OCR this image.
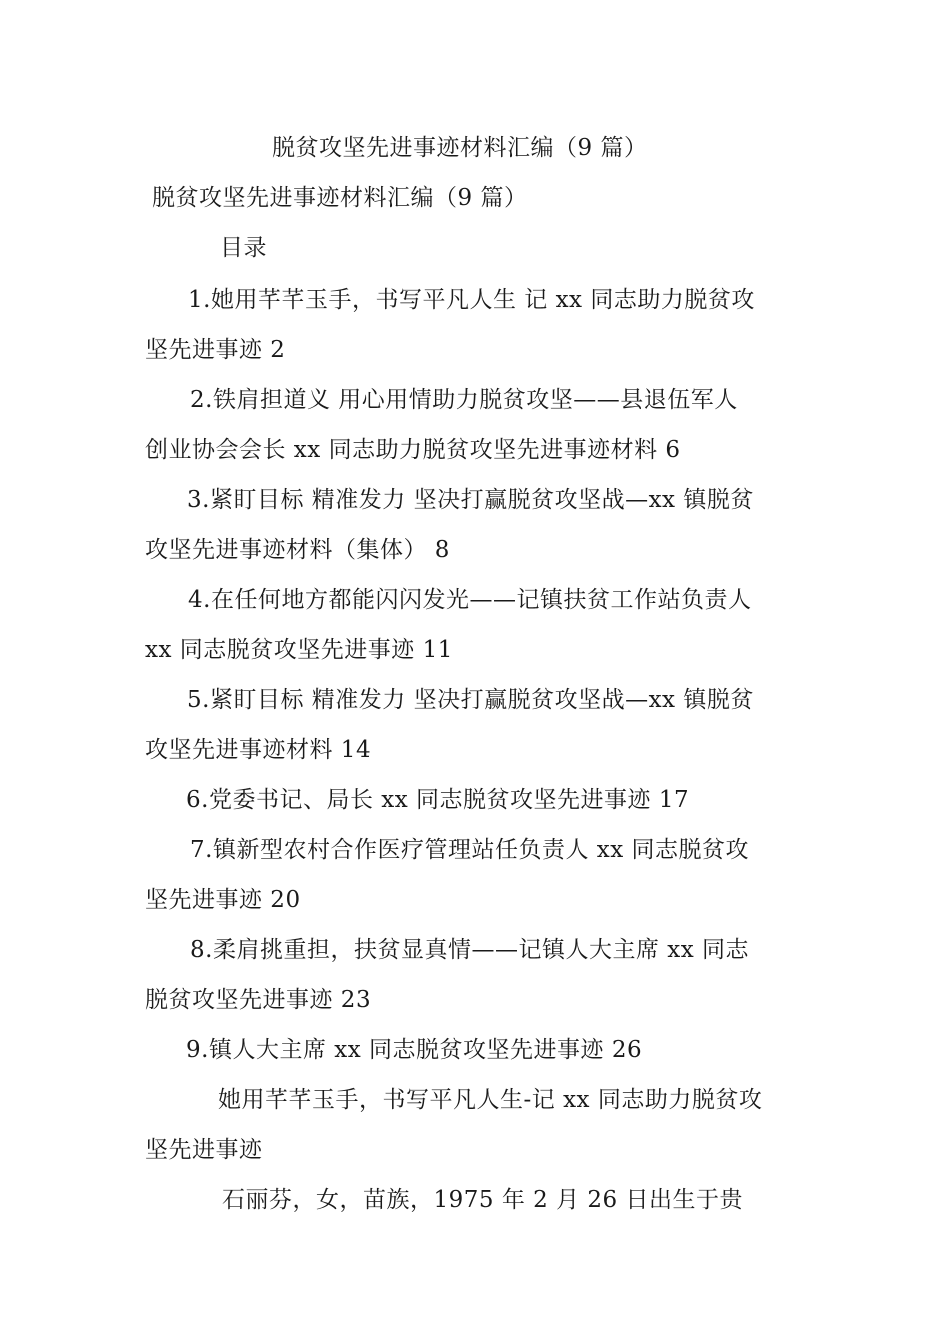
脱贫攻坚先进事迹材料汇编（9 篇）
脱贫攻坚先进事迹材料汇编（9 篇）
目录
1.她用芊芊玉手，书写平凡人生 记 xx 同志助力脱贫攻
坚先进事迹 2
2.铁肩担道义 用心用情助力脱贫攻坚——县退伍军人
创业协会会长 xx 同志助力脱贫攻坚先进事迹材料 6
3.紧盯目标 精准发力 坚决打赢脱贫攻坚战—xx 镇脱贫
攻坚先进事迹材料（集体） 8
4.在任何地方都能闪闪发光——记镇扶贫工作站负责人
xx 同志脱贫攻坚先进事迹 11
5.紧盯目标 精准发力 坚决打赢脱贫攻坚战—xx 镇脱贫
攻坚先进事迹材料 14
6.党委书记、局长 xx 同志脱贫攻坚先进事迹 17
7.镇新型农村合作医疗管理站任负责人 xx 同志脱贫攻
坚先进事迹 20
8.柔肩挑重担，扶贫显真情——记镇人大主席 xx 同志
脱贫攻坚先进事迹 23
9.镇人大主席 xx 同志脱贫攻坚先进事迹 26
她用芊芊玉手，书写平凡人生-记 xx 同志助力脱贫攻
坚先进事迹
石丽芬，女，苗族，1975 年 2 月 26 日出生于贵
